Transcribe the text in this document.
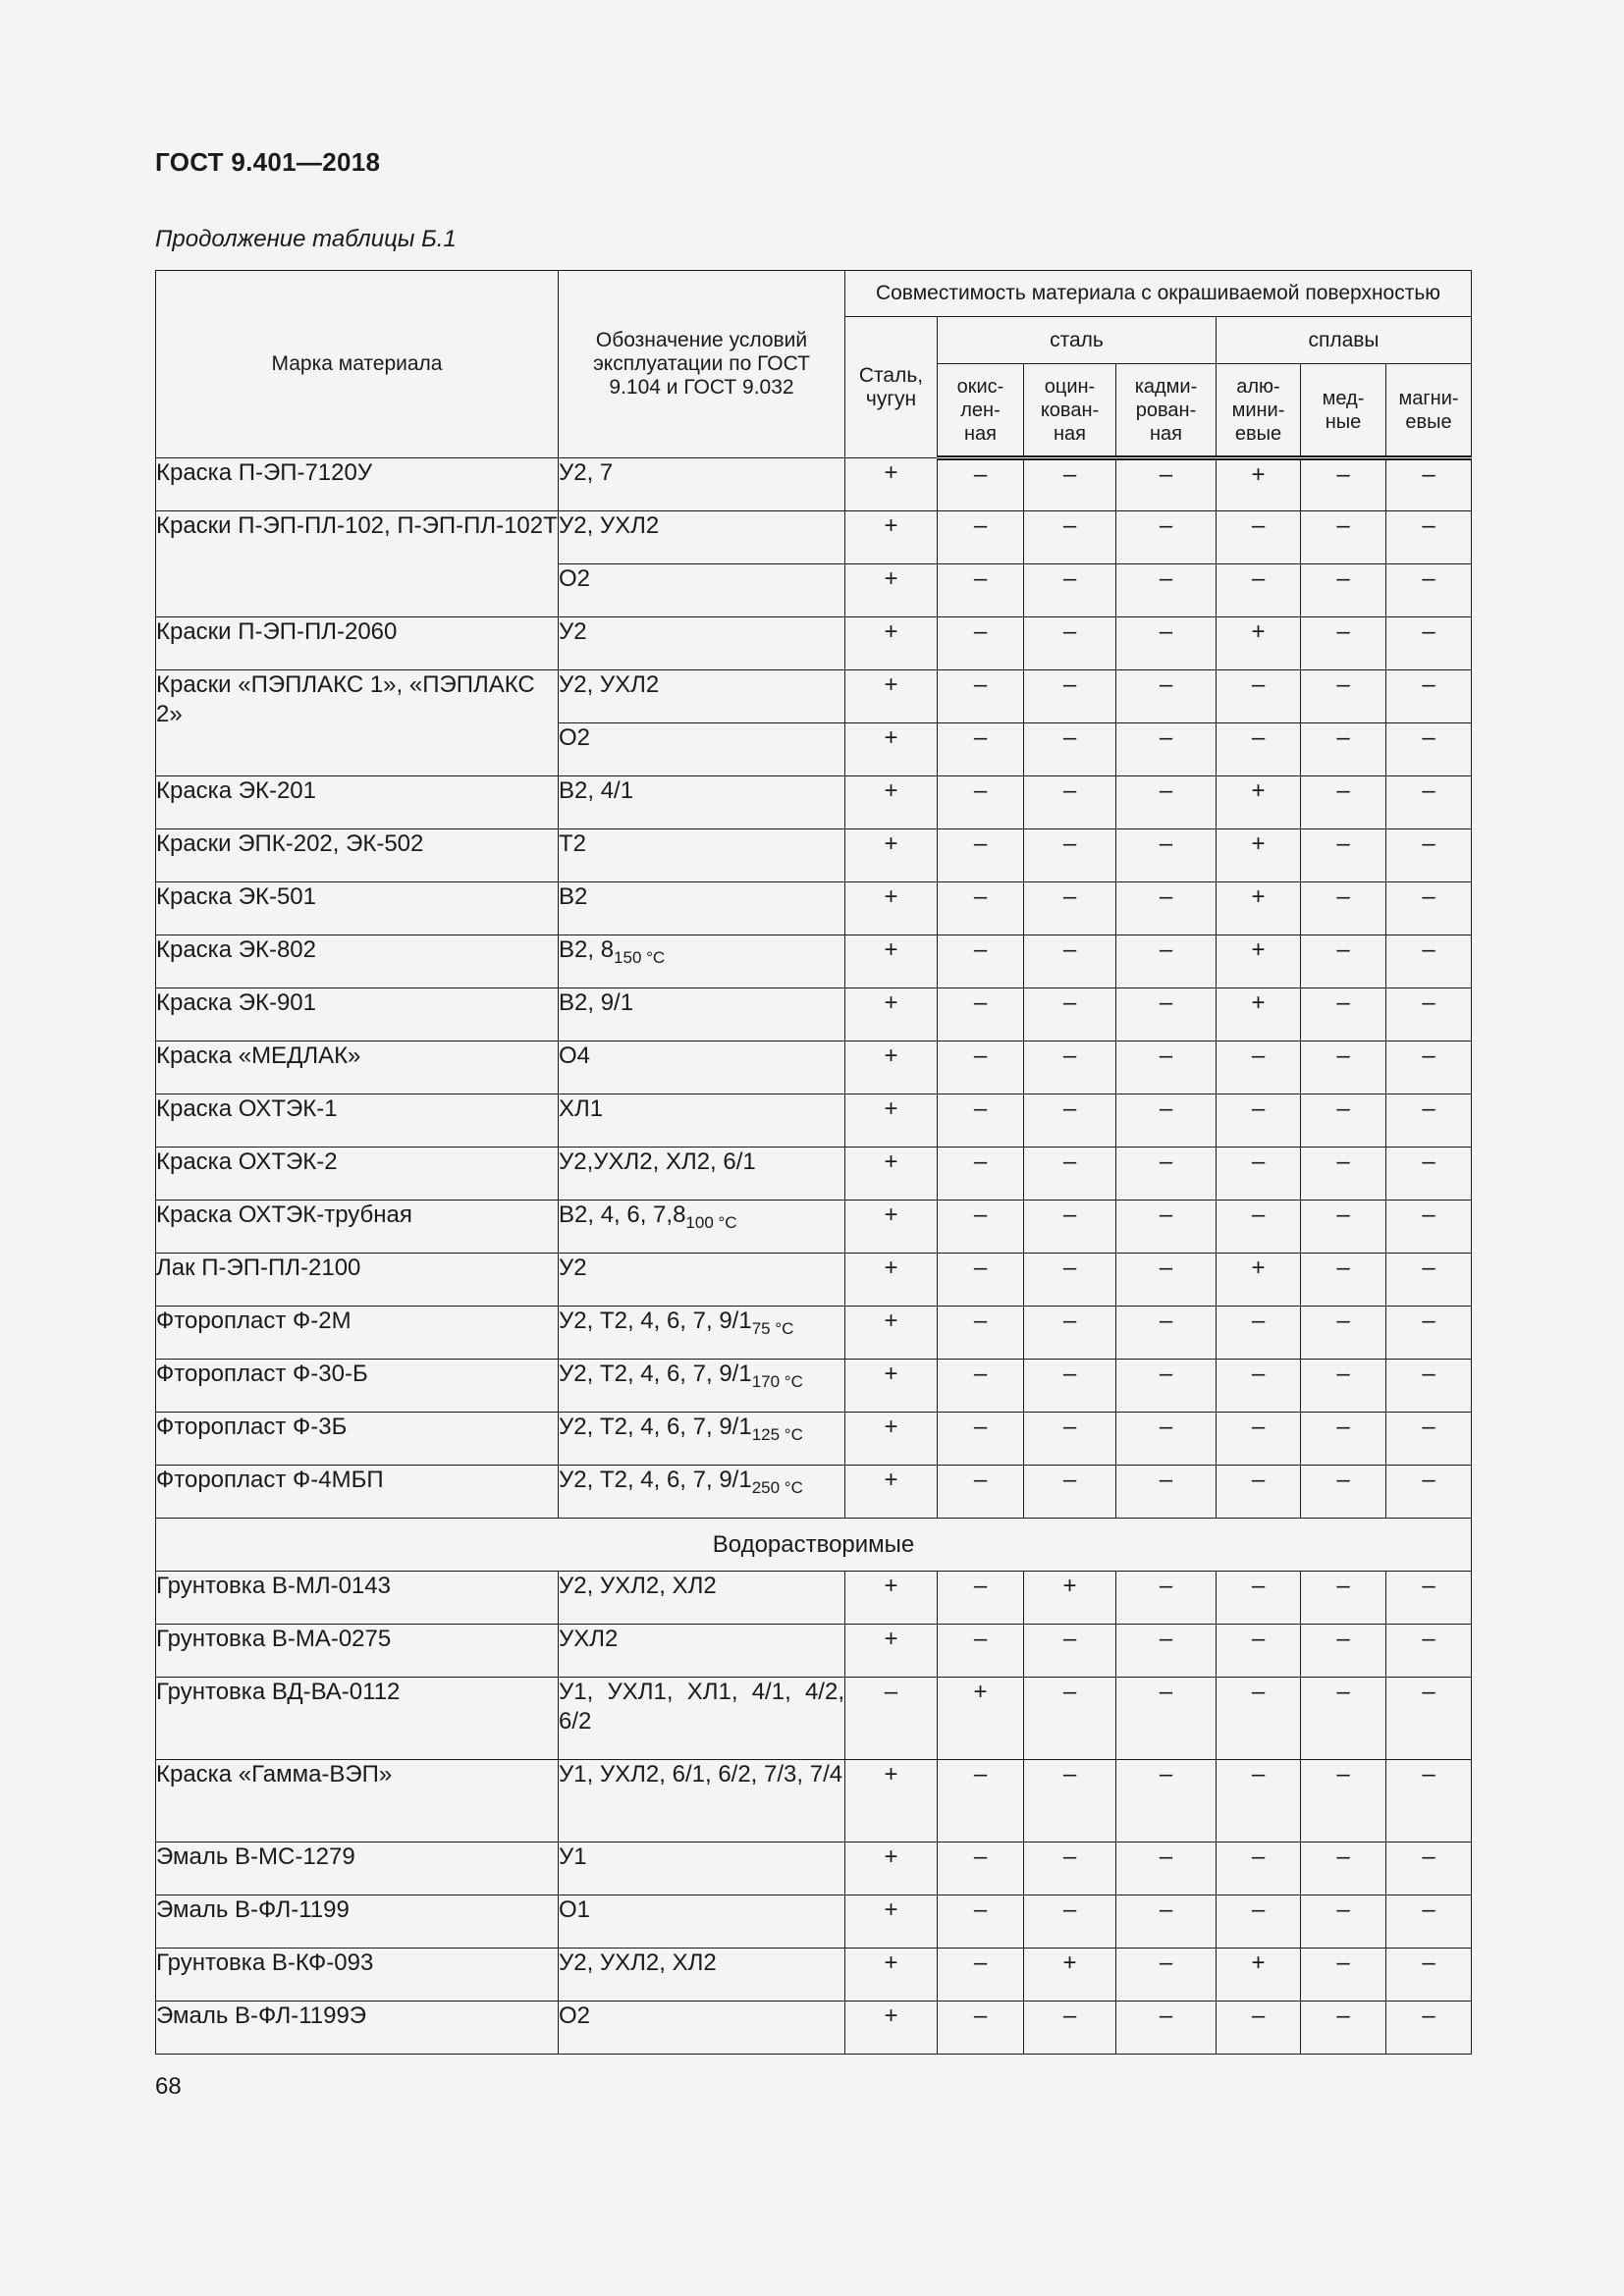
ГОСТ 9.401—2018
Продолжение таблицы Б.1
Марка материала	Обозначение условий эксплуатации по ГОСТ 9.104 и ГОСТ 9.032	Совместимость материала с окрашиваемой поверхностью						
		Сталь, чугун	сталь			сплавы		
			окис- лен- ная	оцин- кован- ная	кадми- рован- ная	алю- мини- евые	мед- ные	магни- евые
Краска П-ЭП-7120У	У2, 7	+	–	–	–	+	–	–
Краски П-ЭП-ПЛ-102, П-ЭП-ПЛ-102Т	У2, УХЛ2	+	–	–	–	–	–	–
	О2	+	–	–	–	–	–	–
Краски П-ЭП-ПЛ-2060	У2	+	–	–	–	+	–	–
Краски «ПЭПЛАКС 1», «ПЭПЛАКС 2»	У2, УХЛ2	+	–	–	–	–	–	–
	О2	+	–	–	–	–	–	–
Краска ЭК-201	В2, 4/1	+	–	–	–	+	–	–
Краски ЭПК-202, ЭК-502	Т2	+	–	–	–	+	–	–
Краска ЭК-501	В2	+	–	–	–	+	–	–
Краска ЭК-802	В2, $8_{150 ^\circ С}$	+	–	–	–	+	–	–
Краска ЭК-901	В2, 9/1	+	–	–	–	+	–	–
Краска «МЕДЛАК»	О4	+	–	–	–	–	–	–
Краска ОХТЭК-1	ХЛ1	+	–	–	–	–	–	–
Краска ОХТЭК-2	У2,УХЛ2, ХЛ2, 6/1	+	–	–	–	–	–	–
Краска ОХТЭК-трубная	В2, 4, 6, $7,8_{100 ^\circ С}$	+	–	–	–	–	–	–
Лак П-ЭП-ПЛ-2100	У2	+	–	–	–	+	–	–
Фторопласт Ф-2М	У2, Т2, 4, 6, 7, $9/1_{75 ^\circ С}$	+	–	–	–	–	–	–
Фторопласт Ф-30-Б	У2, Т2, 4, 6, 7, $9/1_{170 ^\circ С}$	+	–	–	–	–	–	–
Фторопласт Ф-3Б	У2, Т2, 4, 6, 7, $9/1_{125 ^\circ С}$	+	–	–	–	–	–	–
Фторопласт Ф-4МБП	У2, Т2, 4, 6, 7, $9/1_{250 ^\circ С}$	+	–	–	–	–	–	–
Водорастворимые								
Грунтовка В-МЛ-0143	У2, УХЛ2, ХЛ2	+	–	+	–	–	–	–
Грунтовка В-МА-0275	УХЛ2	+	–	–	–	–	–	–
Грунтовка ВД-ВА-0112	У1, УХЛ1, ХЛ1, 4/1, 4/2, 6/2	–	+	–	–	–	–	–
Краска «Гамма-ВЭП»	У1, УХЛ2, 6/1, 6/2, 7/3, 7/4	+	–	–	–	–	–	–
Эмаль В-МС-1279	У1	+	–	–	–	–	–	–
Эмаль В-ФЛ-1199	О1	+	–	–	–	–	–	–
Грунтовка В-КФ-093	У2, УХЛ2, ХЛ2	+	–	+	–	+	–	–
Эмаль В-ФЛ-1199Э	О2	+	–	–	–	–	–	–
68
